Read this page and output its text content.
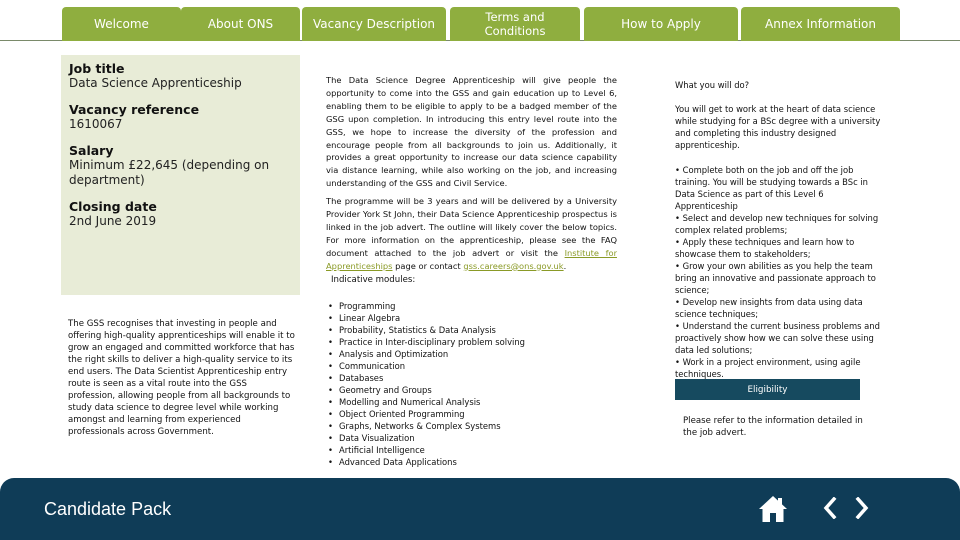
Welcome	About ONS	Vacancy Description	Terms and Conditions	How to Apply	Annex Information
Job title
Data Science Apprenticeship
Vacancy reference
1610067
Salary
Minimum £22,645 (depending on department)
Closing date
2nd June 2019
The GSS recognises that investing in people and offering high-quality apprenticeships will enable it to grow an engaged and committed workforce that has the right skills to deliver a high-quality service to its end users. The Data Scientist Apprenticeship entry route is seen as a vital route into the GSS profession, allowing people from all backgrounds to study data science to degree level while working amongst and learning from experienced professionals across Government.

The Data Science Degree Apprenticeship will give people the opportunity to come into the GSS and gain education up to Level 6, enabling them to be eligible to apply to be a badged member of the GSG upon completion. In introducing this entry level route into the GSS, we hope to increase the diversity of the profession and encourage people from all backgrounds to join us. Additionally, it provides a great opportunity to increase our data science capability via distance learning, while also working on the job, and increasing understanding of the GSS and Civil Service.

The programme will be 3 years and will be delivered by a University Provider York St John, their Data Science Apprenticeship prospectus is linked in the job advert. The outline will likely cover the below topics. For more information on the apprenticeship, please see the FAQ document attached to the job advert or visit the Institute for Apprenticeships page or contact gss.careers@ons.gov.uk.

Indicative modules:
• Programming
• Linear Algebra
• Probability, Statistics & Data Analysis
• Practice in Inter-disciplinary problem solving
• Analysis and Optimization
• Communication
• Databases
• Geometry and Groups
• Modelling and Numerical Analysis
• Object Oriented Programming
• Graphs, Networks & Complex Systems
• Data Visualization
• Artificial Intelligence
• Advanced Data Applications
What you will do?
You will get to work at the heart of data science while studying for a BSc degree with a university and completing this industry designed apprenticeship.
• Complete both on the job and off the job training. You will be studying towards a BSc in Data Science as part of this Level 6 Apprenticeship
• Select and develop new techniques for solving complex related problems;
• Apply these techniques and learn how to showcase them to stakeholders;
• Grow your own abilities as you help the team bring an innovative and passionate approach to science;
• Develop new insights from data using data science techniques;
• Understand the current business problems and proactively show how we can solve these using data led solutions;
• Work in a project environment, using agile techniques.
Eligibility
Please refer to the information detailed in the job advert.
Candidate Pack
